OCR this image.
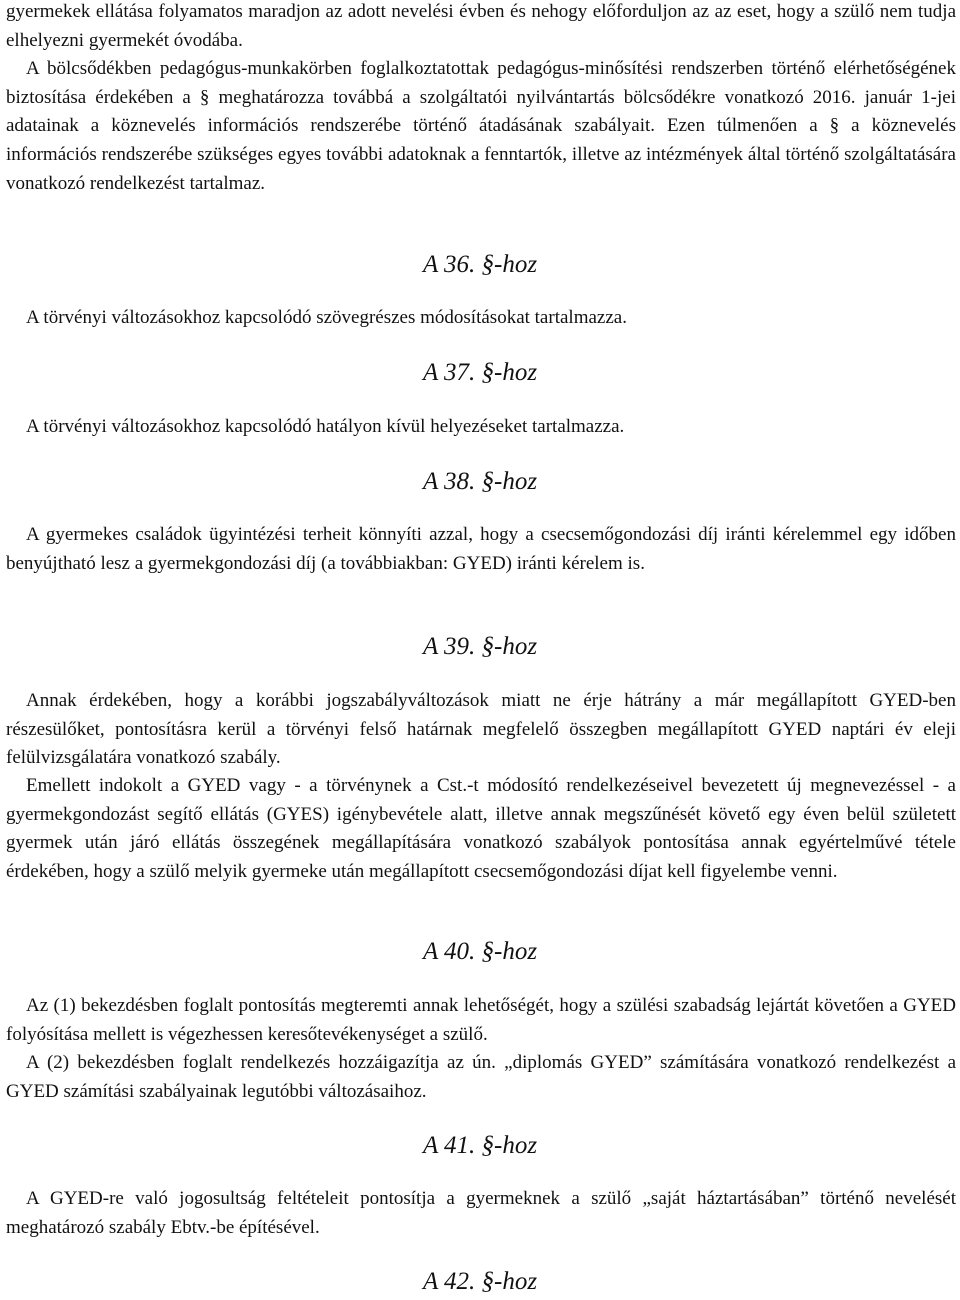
gyermekek ellátása folyamatos maradjon az adott nevelési évben és nehogy előforduljon az az eset, hogy a szülő nem tudja elhelyezni gyermekét óvodába.

A bölcsődékben pedagógus-munkakörben foglalkoztatottak pedagógus-minősítési rendszerben történő elérhetőségének biztosítása érdekében a § meghatározza továbbá a szolgáltatói nyilvántartás bölcsődékre vonatkozó 2016. január 1-jei adatainak a köznevelés információs rendszerébe történő átadásának szabályait. Ezen túlmenően a § a köznevelés információs rendszerébe szükséges egyes további adatoknak a fenntartók, illetve az intézmények által történő szolgáltatására vonatkozó rendelkezést tartalmaz.

A 36. §-hoz

A törvényi változásokhoz kapcsolódó szövegrészes módosításokat tartalmazza.

A 37. §-hoz

A törvényi változásokhoz kapcsolódó hatályon kívül helyezéseket tartalmazza.

A 38. §-hoz

A gyermekes családok ügyintézési terheit könnyíti azzal, hogy a csecsemőgondozási díj iránti kérelemmel egy időben benyújtható lesz a gyermekgondozási díj (a továbbiakban: GYED) iránti kérelem is.

A 39. §-hoz

Annak érdekében, hogy a korábbi jogszabályváltozások miatt ne érje hátrány a már megállapított GYED-ben részesülőket, pontosításra kerül a törvényi felső határnak megfelelő összegben megállapított GYED naptári év eleji felülvizsgálatára vonatkozó szabály.

Emellett indokolt a GYED vagy - a törvénynek a Cst.-t módosító rendelkezéseivel bevezetett új megnevezéssel - a gyermekgondozást segítő ellátás (GYES) igénybevétele alatt, illetve annak megszűnését követő egy éven belül született gyermek után járó ellátás összegének megállapítására vonatkozó szabályok pontosítása annak egyértelművé tétele érdekében, hogy a szülő melyik gyermeke után megállapított csecsemőgondozási díjat kell figyelembe venni.

A 40. §-hoz

Az (1) bekezdésben foglalt pontosítás megteremti annak lehetőségét, hogy a szülési szabadság lejártát követően a GYED folyósítása mellett is végezhessen keresőtevékenységet a szülő.

A (2) bekezdésben foglalt rendelkezés hozzáigazítja az ún. „diplomás GYED” számítására vonatkozó rendelkezést a GYED számítási szabályainak legutóbbi változásaihoz.

A 41. §-hoz

A GYED-re való jogosultság feltételeit pontosítja a gyermeknek a szülő „saját háztartásában” történő nevelését meghatározó szabály Ebtv.-be építésével.

A 42. §-hoz
